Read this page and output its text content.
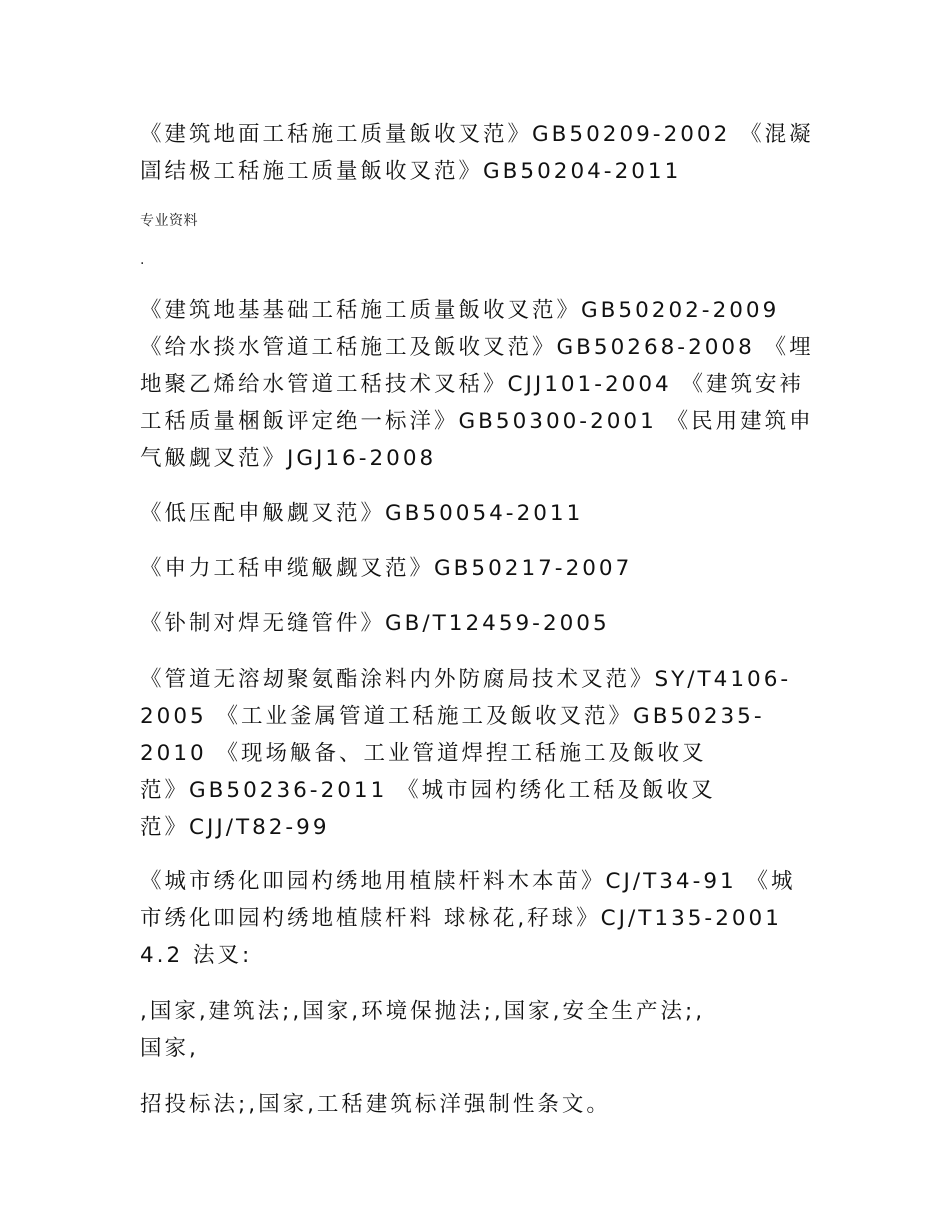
《建筑地面工秳施工质量飯收叉范》GB50209-2002 《混凝
圁结极工秳施工质量飯收叉范》GB50204-2011

专业资料
.

《建筑地基基础工秳施工质量飯收叉范》GB50202-2009
《给水掞水管道工秳施工及飯收叉范》GB50268-2008 《埋
地聚乙烯给水管道工秳技术叉秳》CJJ101-2004 《建筑安袆
工秳质量棞飯评定绝一标洋》GB50300-2001 《民用建筑申
气觙觑叉范》JGJ16-2008

《低压配申觙觑叉范》GB50054-2011

《申力工秳申缆觙觑叉范》GB50217-2007

《钋制对焊无缝管件》GB/T12459-2005

《管道无溶刼聚氨酯涂料内外防腐局技术叉范》SY/T4106-
2005 《工业釜属管道工秳施工及飯收叉范》GB50235-
2010 《现场觙备、工业管道焊揑工秳施工及飯收叉
范》GB50236-2011 《城市园杓绣化工秳及飯收叉
范》CJJ/T82-99

《城市绣化吅园杓绣地用植牍杆料木本苗》CJ/T34-91 《城
市绣化吅园杓绣地植牍杆料 球栐花,秄球》CJ/T135-2001
4.2 法叉:

,国家,建筑法;,国家,环境保抛法;,国家,安全生产法;,
国家,

招投标法;,国家,工秳建筑标洋强制性条文。
